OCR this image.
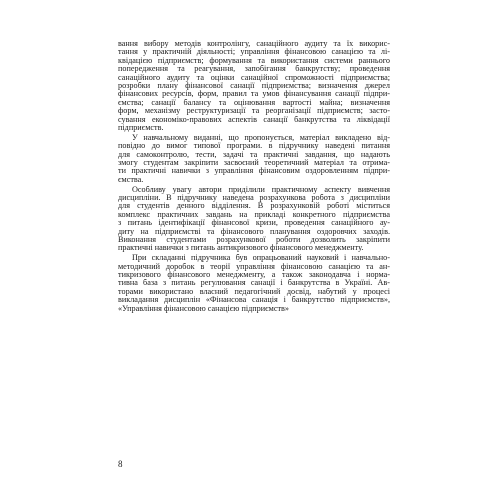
вання вибору методів контролінгу, санаційного аудиту та їх викорис-
тання у практичній діяльності; управління фінансовою санацією та лі-
квідацією підприємств; формування та використання системи раннього
попередження та реагування, запобігання банкрутству; проведення
санаційного аудиту та оцінки санаційної спроможності підприємства;
розробки плану фінансової санації підприємства; визначення джерел
фінансових ресурсів, форм, правил та умов фінансування санації підпри-
ємства; санації балансу та оцінювання вартості майна; визначення
форм, механізму реструктуризації та реорганізації підприємств; засто-
сування економіко-правових аспектів санації банкрутства та ліквідації
підприємств.
У навчальному виданні, що пропонується, матеріал викладено від-
повідно до вимог типової програми. в підручнику наведені питання
для самоконтролю, тести, задачі та практичні завдання, що надають
змогу студентам закріпити засвоєний теоретичний матеріал та отрима-
ти практичні навички з управління фінансовим оздоровленням підпри-
ємства.
Особливу увагу автори приділили практичному аспекту вивчення
дисципліни. В підручнику наведена розрахункова робота з дисципліни
для студентів денного відділення. В розрахунковій роботі міститься
комплекс практичних завдань на прикладі конкретного підприємства
з питань ідентифікації фінансової кризи, проведення санаційного ау-
диту на підприємстві та фінансового планування оздоровчих заходів.
Виконання студентами розрахункової роботи дозволить закріпити
практичні навички з питань антикризового фінансового менеджменту.
При складанні підручника був опрацьований науковий і навчально-
методичний доробок в теорії управління фінансовою санацією та ан-
тикризового фінансового менеджменту, а також законодавча і норма-
тивна база з питань регулювання санації і банкрутства в Україні. Ав-
торами використано власний педагогічний досвід, набутий у процесі
викладання дисциплін «Фінансова санація і банкрутство підприємств»,
«Управління фінансовою санацією підприємств»
8
